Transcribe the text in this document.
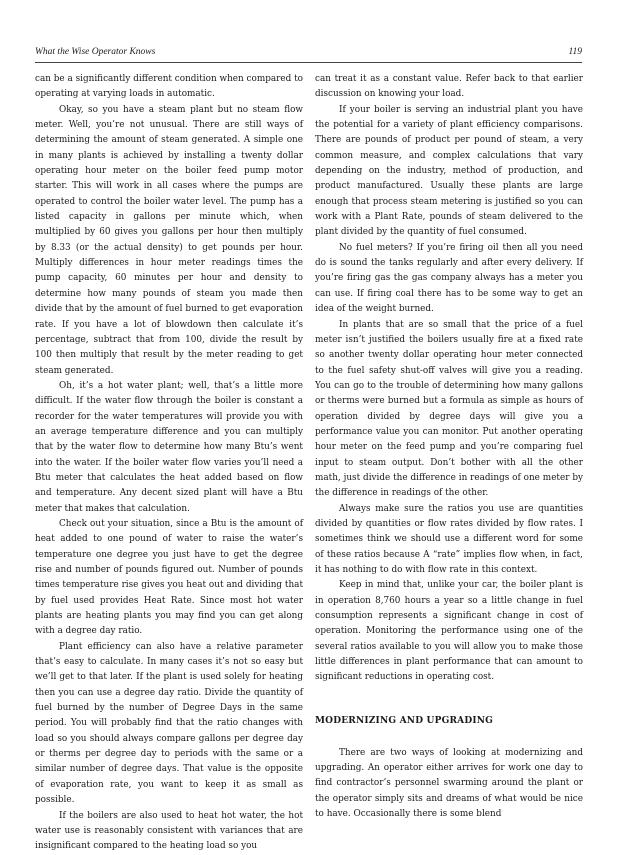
What the Wise Operator Knows	119

can be a significantly different condition when compared to operating at varying loads in automatic.

Okay, so you have a steam plant but no steam flow meter. Well, you’re not unusual. There are still ways of determining the amount of steam generated. A simple one in many plants is achieved by installing a twenty dollar operating hour meter on the boiler feed pump motor starter. This will work in all cases where the pumps are operated to control the boiler water level. The pump has a listed capacity in gallons per minute which, when multiplied by 60 gives you gallons per hour then multiply by 8.33 (or the actual density) to get pounds per hour. Multiply differences in hour meter readings times the pump capacity, 60 minutes per hour and density to determine how many pounds of steam you made then divide that by the amount of fuel burned to get evaporation rate. If you have a lot of blowdown then calculate it’s percentage, subtract that from 100, divide the result by 100 then multiply that result by the meter reading to get steam generated.

Oh, it’s a hot water plant; well, that’s a little more difficult. If the water flow through the boiler is constant a recorder for the water temperatures will provide you with an average temperature difference and you can multiply that by the water flow to determine how many Btu’s went into the water. If the boiler water flow varies you’ll need a Btu meter that calculates the heat added based on flow and temperature. Any decent sized plant will have a Btu meter that makes that calculation.

Check out your situation, since a Btu is the amount of heat added to one pound of water to raise the water’s temperature one degree you just have to get the degree rise and number of pounds figured out. Number of pounds times temperature rise gives you heat out and dividing that by fuel used provides Heat Rate. Since most hot water plants are heating plants you may find you can get along with a degree day ratio.

Plant efficiency can also have a relative parameter that’s easy to calculate. In many cases it’s not so easy but we’ll get to that later. If the plant is used solely for heating then you can use a degree day ratio. Divide the quantity of fuel burned by the number of Degree Days in the same period. You will probably find that the ratio changes with load so you should always compare gallons per degree day or therms per degree day to periods with the same or a similar number of degree days. That value is the opposite of evaporation rate, you want to keep it as small as possible.

If the boilers are also used to heat hot water, the hot water use is reasonably consistent with variances that are insignificant compared to the heating load so you

can treat it as a constant value. Refer back to that earlier discussion on knowing your load.

If your boiler is serving an industrial plant you have the potential for a variety of plant efficiency comparisons. There are pounds of product per pound of steam, a very common measure, and complex calculations that vary depending on the industry, method of production, and product manufactured. Usually these plants are large enough that process steam metering is justified so you can work with a Plant Rate, pounds of steam delivered to the plant divided by the quantity of fuel consumed.

No fuel meters? If you’re firing oil then all you need do is sound the tanks regularly and after every delivery. If you’re firing gas the gas company always has a meter you can use. If firing coal there has to be some way to get an idea of the weight burned.

In plants that are so small that the price of a fuel meter isn’t justified the boilers usually fire at a fixed rate so another twenty dollar operating hour meter connected to the fuel safety shut-off valves will give you a reading. You can go to the trouble of determining how many gallons or therms were burned but a formula as simple as hours of operation divided by degree days will give you a performance value you can monitor. Put another operating hour meter on the feed pump and you’re comparing fuel input to steam output. Don’t bother with all the other math, just divide the difference in readings of one meter by the difference in readings of the other.

Always make sure the ratios you use are quantities divided by quantities or flow rates divided by flow rates. I sometimes think we should use a different word for some of these ratios because A “rate” implies flow when, in fact, it has nothing to do with flow rate in this context.

Keep in mind that, unlike your car, the boiler plant is in operation 8,760 hours a year so a little change in fuel consumption represents a significant change in cost of operation. Monitoring the performance using one of the several ratios available to you will allow you to make those little differences in plant performance that can amount to significant reductions in operating cost.

MODERNIZING AND UPGRADING

There are two ways of looking at modernizing and upgrading. An operator either arrives for work one day to find contractor’s personnel swarming around the plant or the operator simply sits and dreams of what would be nice to have. Occasionally there is some blend
